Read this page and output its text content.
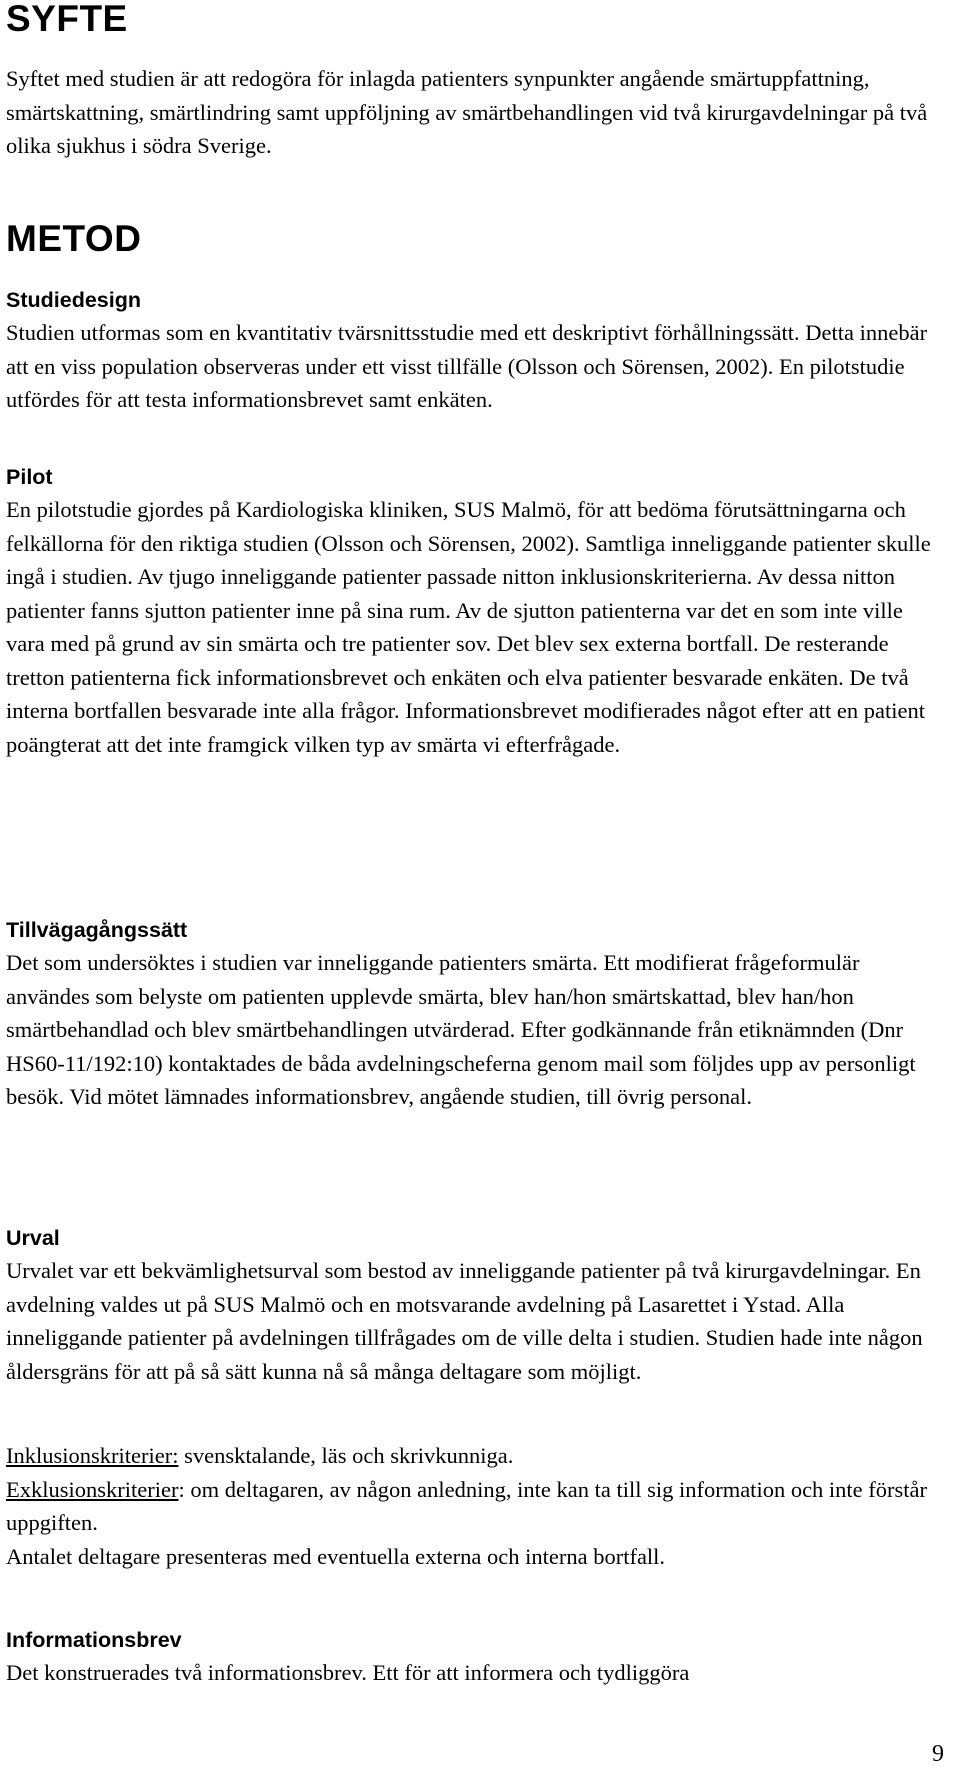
SYFTE

Syftet med studien är att redogöra för inlagda patienters synpunkter angående smärtuppfattning, smärtskattning, smärtlindring samt uppföljning av smärtbehandlingen vid två kirurgavdelningar på två olika sjukhus i södra Sverige.

METOD
Studiedesign

Studien utformas som en kvantitativ tvärsnittsstudie med ett deskriptivt förhållningssätt. Detta innebär att en viss population observeras under ett visst tillfälle (Olsson och Sörensen, 2002). En pilotstudie utfördes för att testa informationsbrevet samt enkäten.

Pilot

En pilotstudie gjordes på Kardiologiska kliniken, SUS Malmö, för att bedöma förutsättningarna och felkällorna för den riktiga studien (Olsson och Sörensen, 2002). Samtliga inneliggande patienter skulle ingå i studien. Av tjugo inneliggande patienter passade nitton inklusionskriterierna. Av dessa nitton patienter fanns sjutton patienter inne på sina rum. Av de sjutton patienterna var det en som inte ville vara med på grund av sin smärta och tre patienter sov. Det blev sex externa bortfall. De resterande tretton patienterna fick informationsbrevet och enkäten och elva patienter besvarade enkäten. De två interna bortfallen besvarade inte alla frågor. Informationsbrevet modifierades något efter att en patient poängterat att det inte framgick vilken typ av smärta vi efterfrågade.

Tillvägagångssätt

Det som undersöktes i studien var inneliggande patienters smärta. Ett modifierat frågeformulär användes som belyste om patienten upplevde smärta, blev han/hon smärtskattad, blev han/hon smärtbehandlad och blev smärtbehandlingen utvärderad. Efter godkännande från etiknämnden (Dnr HS60-11/192:10) kontaktades de båda avdelningscheferna genom mail som följdes upp av personligt besök. Vid mötet lämnades informationsbrev, angående studien, till övrig personal.

Urval

Urvalet var ett bekvämlighetsurval som bestod av inneliggande patienter på två kirurgavdelningar. En avdelning valdes ut på SUS Malmö och en motsvarande avdelning på Lasarettet i Ystad. Alla inneliggande patienter på avdelningen tillfrågades om de ville delta i studien. Studien hade inte någon åldersgräns för att på så sätt kunna nå så många deltagare som möjligt.

Inklusionskriterier: svensktalande, läs och skrivkunniga.

Exklusionskriterier: om deltagaren, av någon anledning, inte kan ta till sig information och inte förstår uppgiften.

Antalet deltagare presenteras med eventuella externa och interna bortfall.

Informationsbrev

Det konstruerades två informationsbrev. Ett för att informera och tydliggöra

9
